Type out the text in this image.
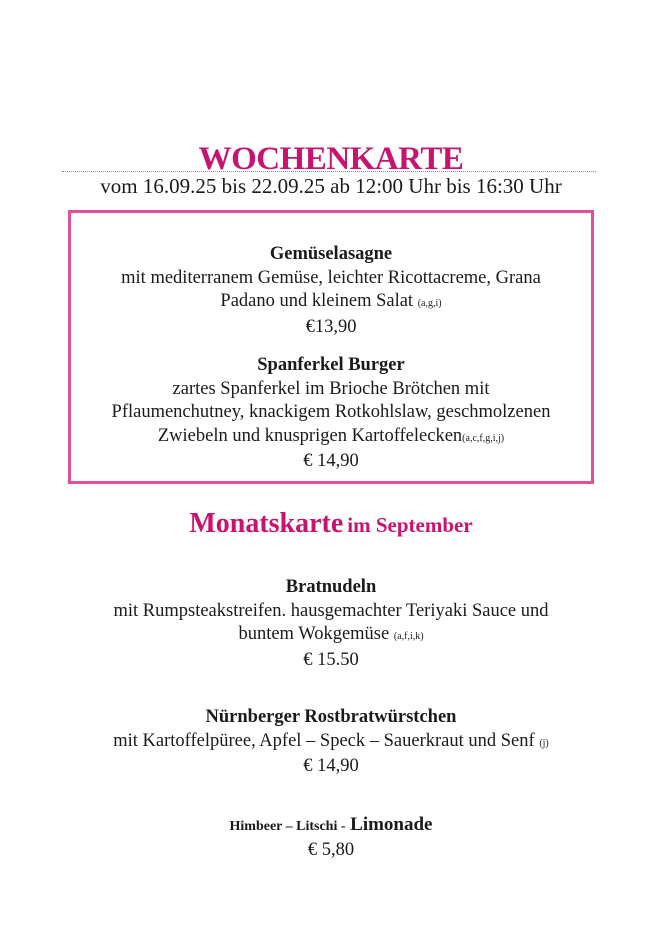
WOCHENKARTE
vom 16.09.25 bis 22.09.25 ab 12:00 Uhr bis 16:30 Uhr
Gemüselasagne
mit mediterranem Gemüse, leichter Ricottacreme, Grana
Padano und kleinem Salat (a,g,i)
€13,90
Spanferkel Burger
zartes Spanferkel im Brioche Brötchen mit
Pflaumenchutney, knackigem Rotkohlslaw, geschmolzenen
Zwiebeln und knusprigen Kartoffelecken(a,c,f,g,i,j)
€ 14,90
Monatskarte im September
Bratnudeln
mit Rumpsteakstreifen. hausgemachter Teriyaki Sauce und
buntem Wokgemüse (a,f,i,k)
€ 15.50
Nürnberger Rostbratwürstchen
mit Kartoffelpüree, Apfel – Speck – Sauerkraut und Senf (j)
€ 14,90
Himbeer – Litschi - Limonade
€ 5,80
